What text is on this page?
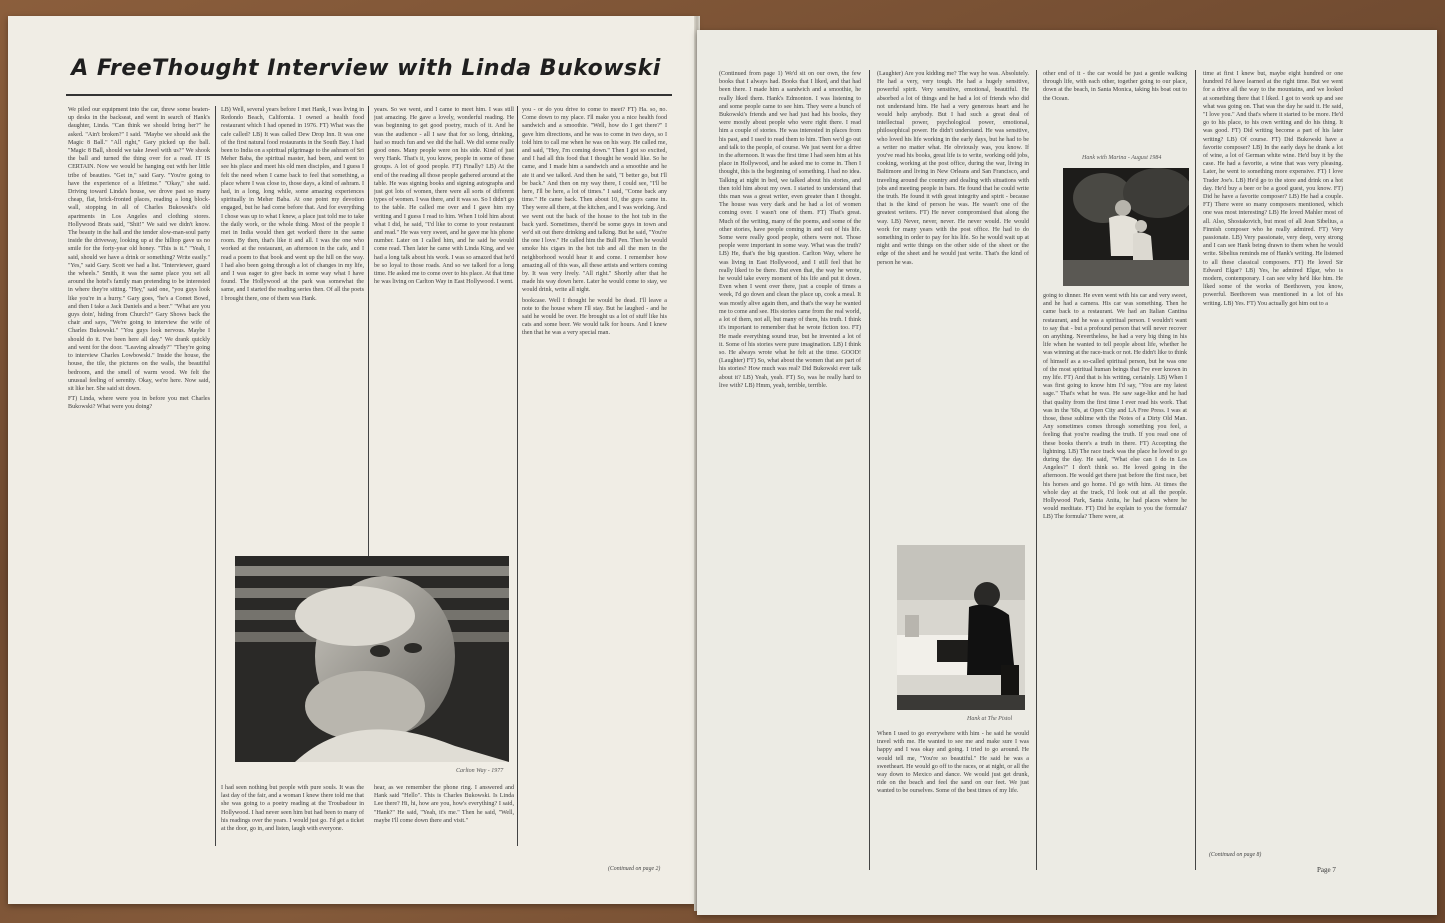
A FreeThought Interview with Linda Bukowski

We piled our equipment into the car, threw some beaten-up desks in the backseat, and went in search of Hank's daughter, Linda. "Can think we should bring her?" he asked. "Ain't broken?" I said. "Maybe we should ask the Magic 8 Ball." "All right," Gary picked up the ball. "Magic 8 Ball, should we take Jewel with us?" We shook the ball and turned the thing over for a read. IT IS CERTAIN. Now we would be hanging out with her little tribe of beauties. "Get in," said Gary. "You're going to have the experience of a lifetime." "Okay," she said. Driving toward Linda's house, we drove past so many cheap, flat, brick-fronted places, reading a long block-wall, stopping in all of Charles Bukowski's old apartments in Los Angeles and clothing stores. Hollywood Brats said, "Shit!" We said we didn't know. The beauty in the hall and the tender slow-man-soul party inside the driveway, looking up at the hilltop gave us no smile for the forty-year old honey. "This is it." "Yeah, I said, should we have a drink or something? Write easily." "Yes," said Gary. Scott we had a list. "Interviewer, guard the wheels." Smith, it was the same place you set all around the hotel's family man pretending to be interested in where they're sitting. "Hey," said one, "you guys look like you're in a hurry." Gary goes, "he's a Comet Bowd, and then I take a Jack Daniels and a beer." "What are you guys doin', hiding from Church?" Gary Shows back the chair and says, "We're going to interview the wife of Charles Bukowski." "You guys look nervous. Maybe I should do it. I've been here all day." We drank quickly and went for the door. "Leaving already?" "They're going to interview Charles Lowbowski." Inside the house, the house, the tile, the pictures on the walls, the beautiful bedroom, and the smell of warm wood. We felt the unusual feeling of serenity. Okay, we're here. Now said, sit like her. She said sit down.

FT) Linda, where were you in before you met Charles Bukowski? What were you doing?

LB) Well, several years before I met Hank, I was living in Redondo Beach, California. I owned a health food restaurant which I had opened in 1976. FT) What was the cafe called? LB) It was called Dew Drop Inn. It was one of the first natural food restaurants in the South Bay. I had been to India on a spiritual pilgrimage to the ashram of Sri Meher Baba, the spiritual master, had been, and went to see his place and meet his old men disciples, and I guess I felt the need when I came back to feel that something, a place where I was close to, those days, a kind of ashram. I had, in a long, long while, some amazing experiences spiritually in Meher Baba. At one point my devotion engaged, but he had come before that. And for everything I chose was up to what I knew, a place just told me to take the daily work, or the whole thing. Most of the people I met in India would then get worked there in the same room. By then, that's like it and all. I was the one who worked at the restaurant, an afternoon in the cafe, and I read a poem to that book and went up the hill on the way. I had also been going through a lot of changes in my life, and I was eager to give back in some way what I have found. The Hollywood at the park was somewhat the same, and I started the reading series then. Of all the poets I brought there, one of them was Hank.

years. So we went, and I came to meet him. I was still just amazing. He gave a lovely, wonderful reading. He was beginning to get good poetry, much of it. And he was the audience - all I saw that for so long, drinking, had so much fun and we did the hall. We did some really good ones. Many people were on his side. Kind of just very Hank. That's it, you know, people in some of these groups. A lot of good people. FT) Finally? LB) At the end of the reading all those people gathered around at the table. He was signing books and signing autographs and just got lots of women, there were all sorts of different types of women. I was there, and it was so. So I didn't go to the table. He called me over and I gave him my writing and I guess I read to him. When I told him about what I did, he said, "I'd like to come to your restaurant and read." He was very sweet, and he gave me his phone number. Later on I called him, and he said he would come read. Then later he came with Linda King, and we had a long talk about his work. I was so amazed that he'd be so loyal to those roads. And so we talked for a long time. He asked me to come over to his place. At that time he was living on Carlton Way in East Hollywood. I went.

you - or do you drive to come to meet? FT) Ha. so, no. Come down to my place. I'll make you a nice health food sandwich and a smoothie. "Well, how do I get there?" I gave him directions, and he was to come in two days, so I told him to call me when he was on his way. He called me, and said, "Hey, I'm coming down." Then I got so excited, and I had all this food that I thought he would like. So he came, and I made him a sandwich and a smoothie and he ate it and we talked. And then he said, "I better go, but I'll be back." And then on my way there, I could see, "I'll be here, I'll be here, a lot of times." I said, "Come back any time." He came back. Then about 10, the guys came in. They were all there, at the kitchen, and I was working. And we went out the back of the house to the hot tub in the back yard. Sometimes, there'd be some guys in town and we'd sit out there drinking and talking. But he said, "You're the one I love." He called him the Bull Pen. Then he would smoke his cigars in the hot tub and all the men in the neighborhood would hear it and come. I remember how amazing all of this was, all these artists and writers coming by. It was very lively. "All right." Shortly after that he made his way down here. Later he would come to stay, we would drink, write all night.

bookcase. Well I thought he would be dead. I'll leave a note to the house where I'll stay. But he laughed - and he said he would be over. He brought us a lot of stuff like his cats and some beer. We would talk for hours. And I knew then that he was a very special man.

Carlton Way - 1977

I had seen nothing but people with pure souls. It was the last day of the fair, and a woman I knew there told me that she was going to a poetry reading at the Troubadour in Hollywood. I had never seen him but had been to many of his readings over the years. I would just go. I'd get a ticket at the door, go in, and listen, laugh with everyone.

hear, as we remember the phone ring. I answered and Hank said "Hello". This is Charles Bukowski. Is Linda Lee there? Hi, hi, how are you, how's everything? I said, "Hank?" He said, "Yeah, it's me." Then he said, "Well, maybe I'll come down there and visit."

(Continued on page 2)

(Continued from page 1) We'd sit on our own, the few books that I always had. Books that I liked, and that had been there. I made him a sandwich and a smoothie, he really liked them. Hank's Edmonton. I was listening to and some people came to see him. They were a bunch of Bukowski's friends and we had just had his books, they were mostly about people who were right there. I read him a couple of stories. He was interested in places from his past, and I used to read them to him. Then we'd go out and talk to the people, of course. We just went for a drive in the afternoon. It was the first time I had seen him at his place in Hollywood, and he asked me to come in. Then I thought, this is the beginning of something. I had no idea. Talking at night in bed, we talked about his stories, and then told him about my own. I started to understand that this man was a great writer, even greater than I thought. The house was very dark and he had a lot of women coming over. I wasn't one of them. FT) That's great. Much of the writing, many of the poems, and some of the other stories, have people coming in and out of his life. Some were really good people, others were not. Those people were important in some way. What was the truth? LB) He, that's the big question. Carlton Way, where he was living in East Hollywood, and I still feel that he really liked to be there. But even that, the way he wrote, he would take every moment of his life and put it down. Even when I went over there, just a couple of times a week, I'd go down and clean the place up, cook a meal. It was mostly alive again then, and that's the way he wanted me to come and see. His stories came from the real world, a lot of them, not all, but many of them, his truth. I think it's important to remember that he wrote fiction too. FT) He made everything sound true, but he invented a lot of it. Some of his stories were pure imagination. LB) I think so. He always wrote what he felt at the time. GOOD! (Laughter) FT) So, what about the women that are part of his stories? How much was real? Did Bukowski ever talk about it? LB) Yeah, yeah. FT) So, was he really hard to live with? LB) Hmm, yeah, terrible, terrible.

(Laughter) Are you kidding me? The way he was. Absolutely. He had a very, very tough. He had a hugely sensitive, powerful spirit. Very sensitive, emotional, beautiful. He absorbed a lot of things and he had a lot of friends who did not understand him. He had a very generous heart and he would help anybody. But I had such a great deal of intellectual power, psychological power, emotional, philosophical power. He didn't understand. He was sensitive, who loved his life working in the early days, but he had to be a writer no matter what. He obviously was, you know. If you've read his books, great life is to write, working odd jobs, cooking, working at the post office, during the war, living in Baltimore and living in New Orleans and San Francisco, and traveling around the country and dealing with situations with jobs and meeting people in bars. He found that he could write the truth. He found it with great integrity and spirit - because that is the kind of person he was. He wasn't one of the greatest writers. FT) He never compromised that along the way. LB) Never, never, never. He never would. He would work for many years with the post office. He had to do something in order to pay for his life. So he would wait up at night and write things on the other side of the sheet or the edge of the sheet and he would just write. That's the kind of person he was.

Hank at The Pistol

When I used to go everywhere with him - he said he would travel with me. He wanted to see me and make sure I was happy and I was okay and going. I tried to go around. He would tell me, "You're so beautiful." He said he was a sweetheart. He would go off to the races, or at night, or all the way down to Mexico and dance. We would just get drunk, ride on the beach and feel the sand on our feet. We just wanted to be ourselves. Some of the best times of my life.

other end of it - the car would be just a gentle walking through life, with each other, together going to our place, down at the beach, in Santa Monica, taking his boat out to the Ocean.

Hank with Marina - August 1984

going to dinner. He even went with his car and very sweet, and he had a camera. His car was something. Then he came back to a restaurant. We had an Italian Cantina restaurant, and he was a spiritual person. I wouldn't want to say that - but a profound person that will never recover on anything. Nevertheless, he had a very big thing in his life when he wanted to tell people about life, whether he was winning at the race-track or not. He didn't like to think of himself as a so-called spiritual person, but he was one of the most spiritual human beings that I've ever known in my life. FT) And that is his writing, certainly. LB) When I was first going to know him I'd say, "You are my latest sage." That's what he was. He saw sage-like and he had that quality from the first time I ever read his work. That was in the '60s, at Open City and LA Free Press. I was at those, these sublime with the Notes of a Dirty Old Man. Any sometimes comes through something you feel, a feeling that you're reading the truth. If you read one of these books there's a truth in there. FT) Accepting the lightning. LB) The race track was the place he loved to go during the day. He said, "What else can I do in Los Angeles?" I don't think so. He loved going in the afternoon. He would get there just before the first race, bet his horses and go home. I'd go with him. At times the whole day at the track, I'd look out at all the people. Hollywood Park, Santa Anita, he had places where he would meditate. FT) Did he explain to you the formula? LB) The formula? There were, at

time at first I knew but, maybe eight hundred or one hundred I'd have learned at the right time. But we went for a drive all the way to the mountains, and we looked at something there that I liked. I got to work up and see what was going on. That was the day he said it. He said, "I love you." And that's where it started to be more. He'd go to his place, to his own writing and do his thing. It was good. FT) Did writing become a part of his later writing? LB) Of course. FT) Did Bukowski have a favorite composer? LB) In the early days he drank a lot of wine, a lot of German white wine. He'd buy it by the case. He had a favorite, a wine that was very pleasing. Later, he went to something more expensive. FT) I love Trader Joe's. LB) He'd go to the store and drink on a hot day. He'd buy a beer or be a good guest, you know. FT) Did he have a favorite composer? LB) He had a couple. FT) There were so many composers mentioned, which one was most interesting? LB) He loved Mahler most of all. Also, Shostakovich, but most of all Jean Sibelius, a Finnish composer who he really admired. FT) Very passionate. LB) Very passionate, very deep, very strong and I can see Hank being drawn to them when he would write. Sibelius reminds me of Hank's writing. He listened to all these classical composers. FT) He loved Sir Edward Elgar? LB) Yes, he admired Elgar, who is modern, contemporary. I can see why he'd like him. He liked some of the works of Beethoven, you know, powerful. Beethoven was mentioned in a lot of his writing. LB) Yes. FT) You actually got him out to a

(Continued on page 8)
Page 7
